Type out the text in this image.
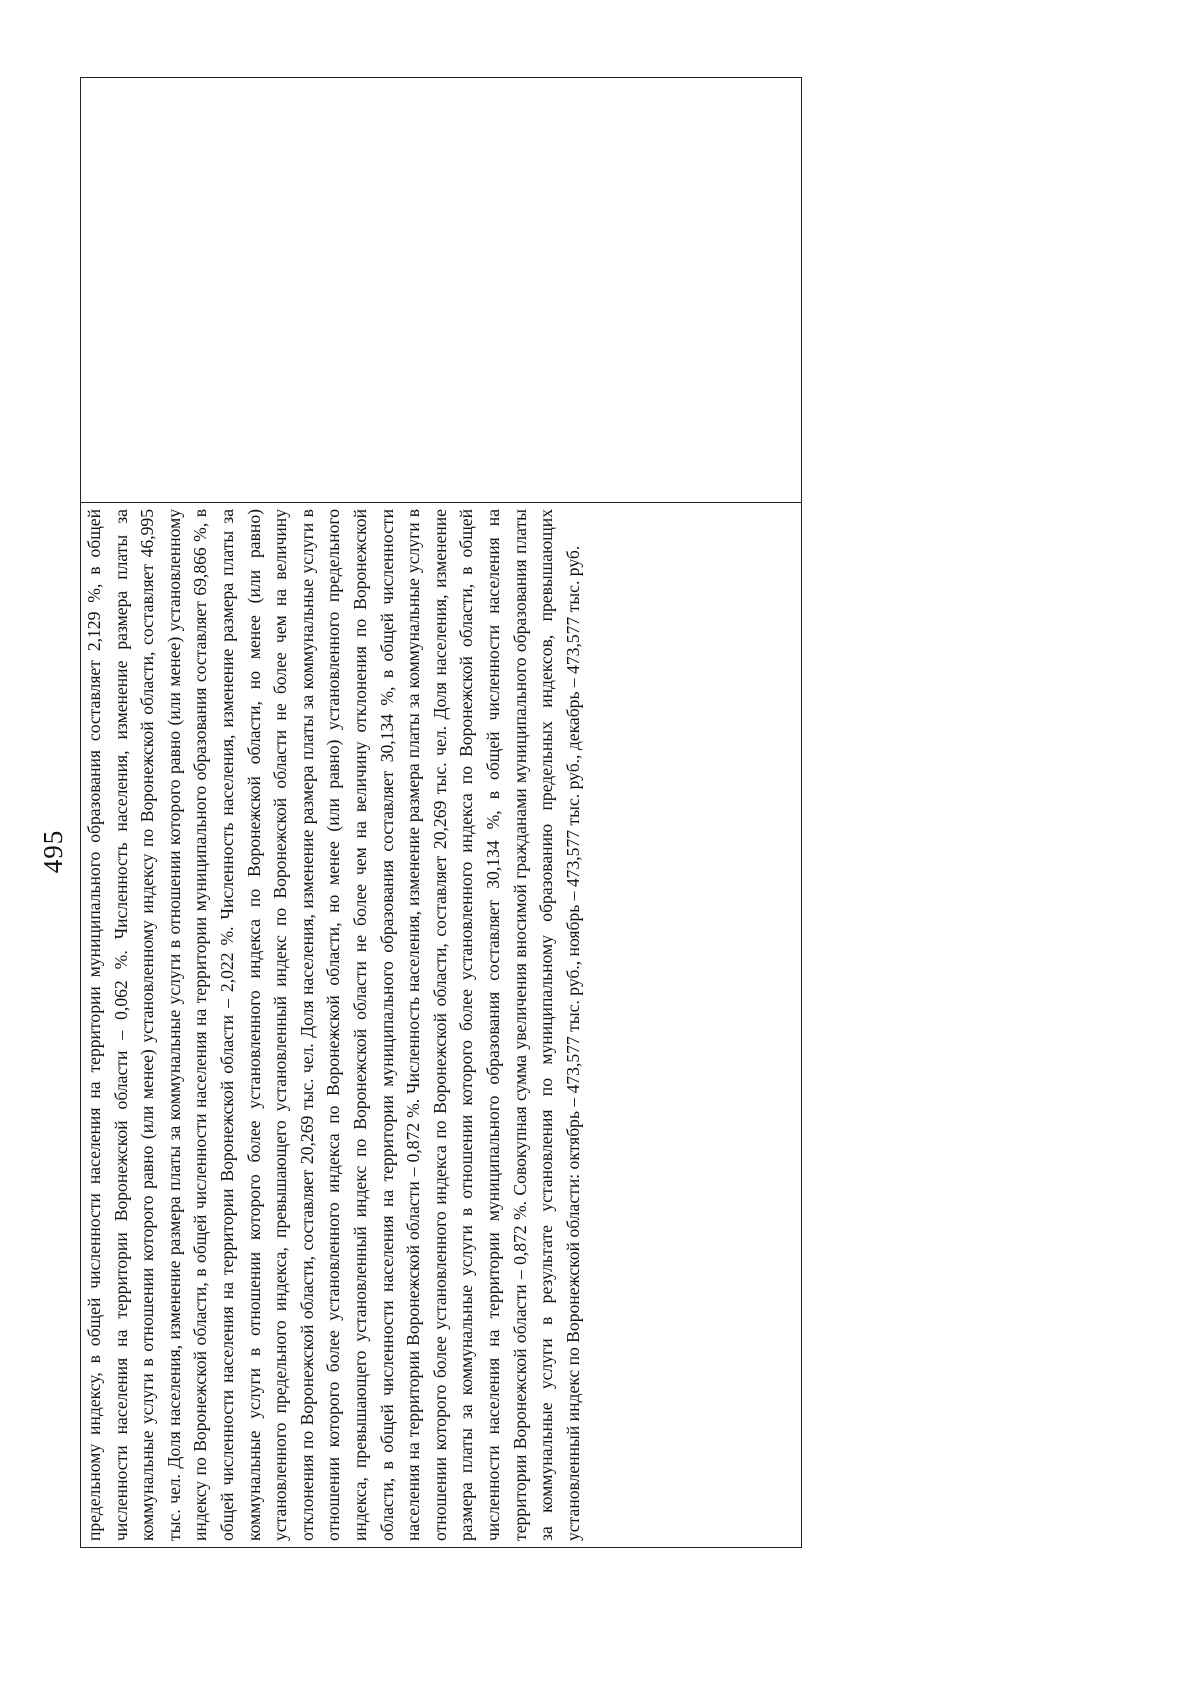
495 предельному индексу, в общей численности населения на территории муниципального образования составляет 2,129 %, в общей численности населения на территории Воронежской области – 0,062 %. Численность населения, изменение размера платы за коммунальные услуги в отношении которого равно (или менее) установленному индексу по Воронежской области, составляет 46,995 тыс. чел. Доля населения, изменение размера платы за коммунальные услуги в отношении которого равно (или менее) установленному индексу по Воронежской области, в общей численности населения на территории муниципального образования составляет 69,866 %, в общей численности населения на территории Воронежской области – 2,022 %. Численность населения, изменение размера платы за коммунальные услуги в отношении которого более установленного индекса по Воронежской области, но менее (или равно) установленного предельного индекса, превышающего установленный индекс по Воронежской области не более чем на величину отклонения по Воронежской области, составляет 20,269 тыс. чел. Доля населения, изменение размера платы за коммунальные услуги в отношении которого более установленного индекса по Воронежской области, но менее (или равно) установленного предельного индекса, превышающего установленный индекс по Воронежской области не более чем на величину отклонения по Воронежской области, в общей численности населения на территории муниципального образования составляет 30,134 %, в общей численности населения на территории Воронежской области – 0,872 %. Численность населения, изменение размера платы за коммунальные услуги в отношении которого более установленного индекса по Воронежской области, составляет 20,269 тыс. чел. Доля населения, изменение размера платы за коммунальные услуги в отношении которого более установленного индекса по Воронежской области, в общей численности населения на территории муниципального образования составляет 30,134 %, в общей численности населения на территории Воронежской области – 0,872 %. Совокупная сумма увеличения вносимой гражданами муниципального образования платы за коммунальные услуги в результате установления по муниципальному образованию предельных индексов, превышающих установленный индекс по Воронежской области: октябрь – 473,577 тыс. руб., ноябрь – 473,577 тыс. руб., декабрь – 473,577 тыс. руб.
